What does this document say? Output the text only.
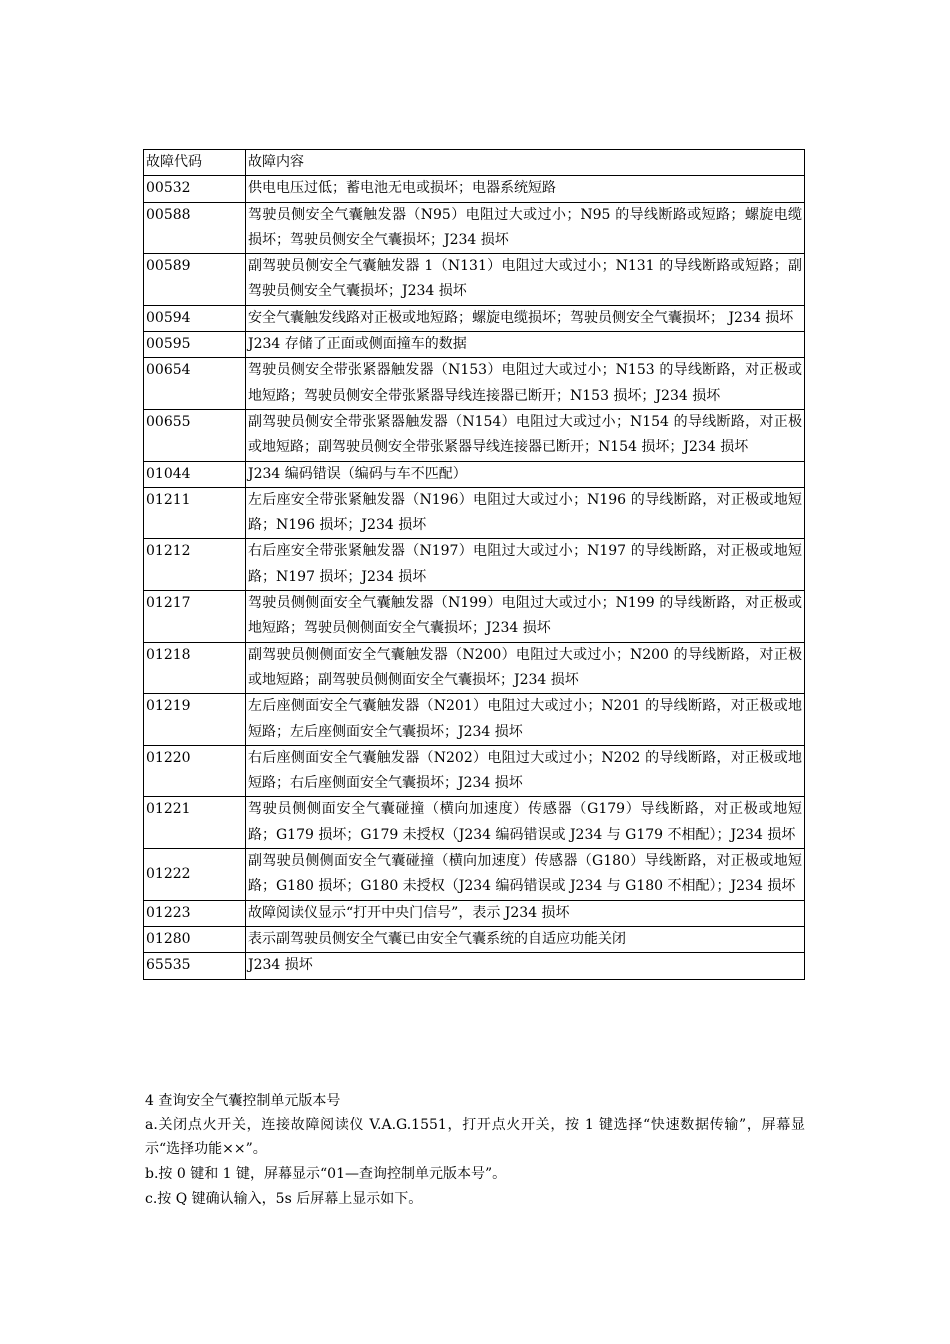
故障代码	故障内容
00532	供电电压过低；蓄电池无电或损坏；电器系统短路
00588	驾驶员侧安全气囊触发器（N95）电阻过大或过小；N95 的导线断路或短路；螺旋电缆损坏；驾驶员侧安全气囊损坏；J234 损坏
00589	副驾驶员侧安全气囊触发器 1（N131）电阻过大或过小；N131 的导线断路或短路；副驾驶员侧安全气囊损坏；J234 损坏
00594	安全气囊触发线路对正极或地短路；螺旋电缆损坏；驾驶员侧安全气囊损坏； J234 损坏
00595	J234 存储了正面或侧面撞车的数据
00654	驾驶员侧安全带张紧器触发器（N153）电阻过大或过小；N153 的导线断路，对正极或地短路；驾驶员侧安全带张紧器导线连接器已断开；N153 损坏；J234 损坏
00655	副驾驶员侧安全带张紧器触发器（N154）电阻过大或过小；N154 的导线断路，对正极或地短路；副驾驶员侧安全带张紧器导线连接器已断开；N154 损坏；J234 损坏
01044	J234 编码错误（编码与车不匹配）
01211	左后座安全带张紧触发器（N196）电阻过大或过小；N196 的导线断路，对正极或地短路；N196 损坏；J234 损坏
01212	右后座安全带张紧触发器（N197）电阻过大或过小；N197 的导线断路，对正极或地短路；N197 损坏；J234 损坏
01217	驾驶员侧侧面安全气囊触发器（N199）电阻过大或过小；N199 的导线断路，对正极或地短路；驾驶员侧侧面安全气囊损坏；J234 损坏
01218	副驾驶员侧侧面安全气囊触发器（N200）电阻过大或过小；N200 的导线断路，对正极或地短路；副驾驶员侧侧面安全气囊损坏；J234 损坏
01219	左后座侧面安全气囊触发器（N201）电阻过大或过小；N201 的导线断路，对正极或地短路；左后座侧面安全气囊损坏；J234 损坏
01220	右后座侧面安全气囊触发器（N202）电阻过大或过小；N202 的导线断路，对正极或地短路；右后座侧面安全气囊损坏；J234 损坏
01221	驾驶员侧侧面安全气囊碰撞（横向加速度）传感器（G179）导线断路，对正极或地短路；G179 损坏；G179 未授权（J234 编码错误或 J234 与 G179 不相配）；J234 损坏
01222	副驾驶员侧侧面安全气囊碰撞（横向加速度）传感器（G180）导线断路，对正极或地短路；G180 损坏；G180 未授权（J234 编码错误或 J234 与 G180 不相配）；J234 损坏
01223	故障阅读仪显示“打开中央门信号”，表示 J234 损坏
01280	表示副驾驶员侧安全气囊已由安全气囊系统的自适应功能关闭
65535	J234 损坏
4 查询安全气囊控制单元版本号
a.关闭点火开关，连接故障阅读仪 V.A.G.1551，打开点火开关，按 1 键选择“快速数据传输”，屏幕显示“选择功能××”。
b.按 0 键和 1 键，屏幕显示“01—查询控制单元版本号”。
c.按 Q 键确认输入，5s 后屏幕上显示如下。
